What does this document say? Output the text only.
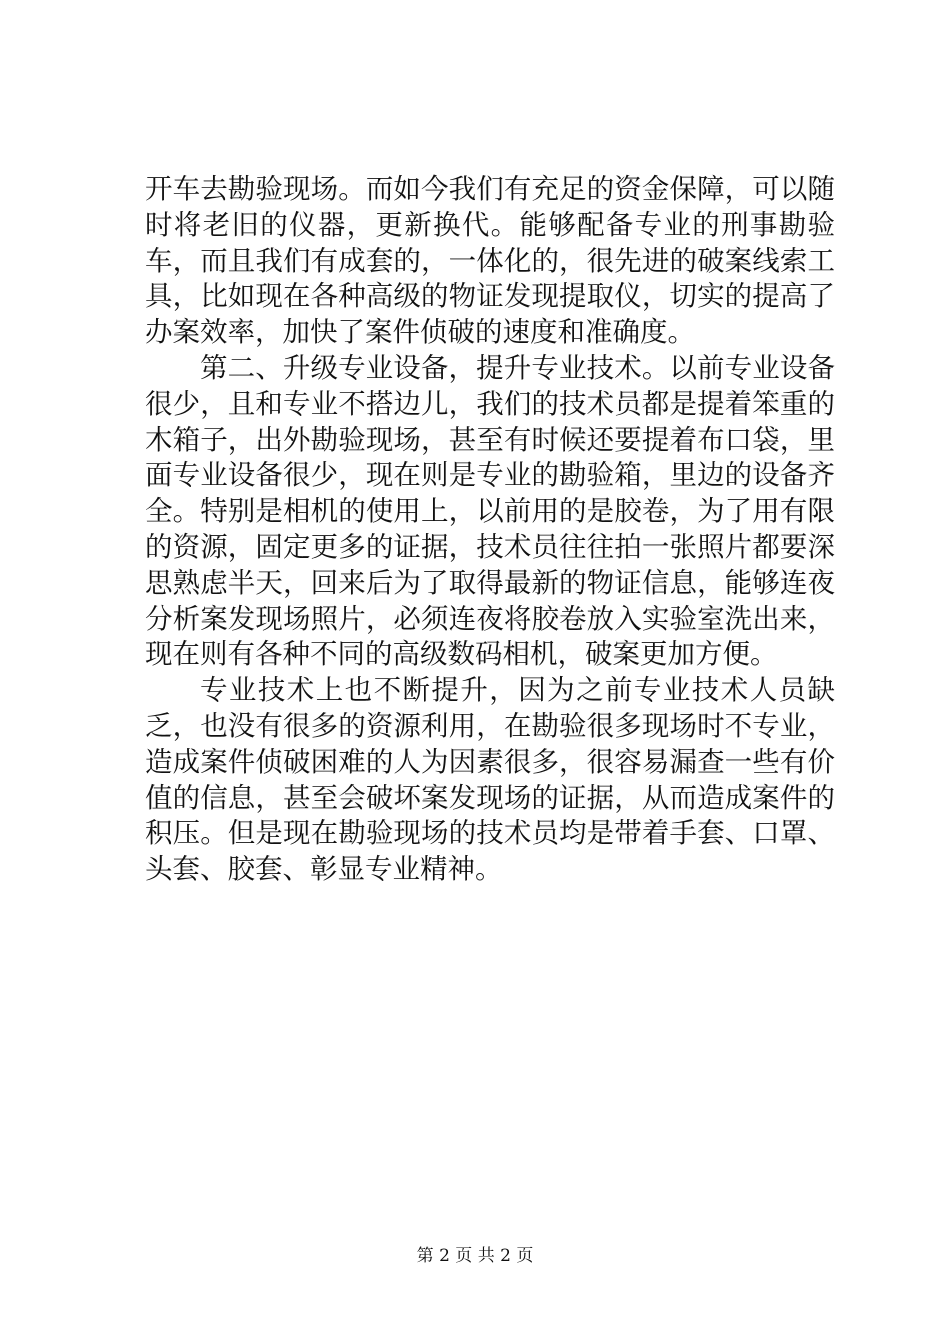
开车去勘验现场。而如今我们有充足的资金保障，可以随时将老旧的仪器，更新换代。能够配备专业的刑事勘验车，而且我们有成套的，一体化的，很先进的破案线索工具，比如现在各种高级的物证发现提取仪，切实的提高了办案效率，加快了案件侦破的速度和准确度。

第二、升级专业设备，提升专业技术。以前专业设备很少，且和专业不搭边儿，我们的技术员都是提着笨重的木箱子，出外勘验现场，甚至有时候还要提着布口袋，里面专业设备很少，现在则是专业的勘验箱，里边的设备齐全。特别是相机的使用上，以前用的是胶卷，为了用有限的资源，固定更多的证据，技术员往往拍一张照片都要深思熟虑半天，回来后为了取得最新的物证信息，能够连夜分析案发现场照片，必须连夜将胶卷放入实验室洗出来，现在则有各种不同的高级数码相机，破案更加方便。

专业技术上也不断提升，因为之前专业技术人员缺乏，也没有很多的资源利用，在勘验很多现场时不专业，造成案件侦破困难的人为因素很多，很容易漏查一些有价值的信息，甚至会破坏案发现场的证据，从而造成案件的积压。但是现在勘验现场的技术员均是带着手套、口罩、头套、胶套、彰显专业精神。

第 2 页 共 2 页
